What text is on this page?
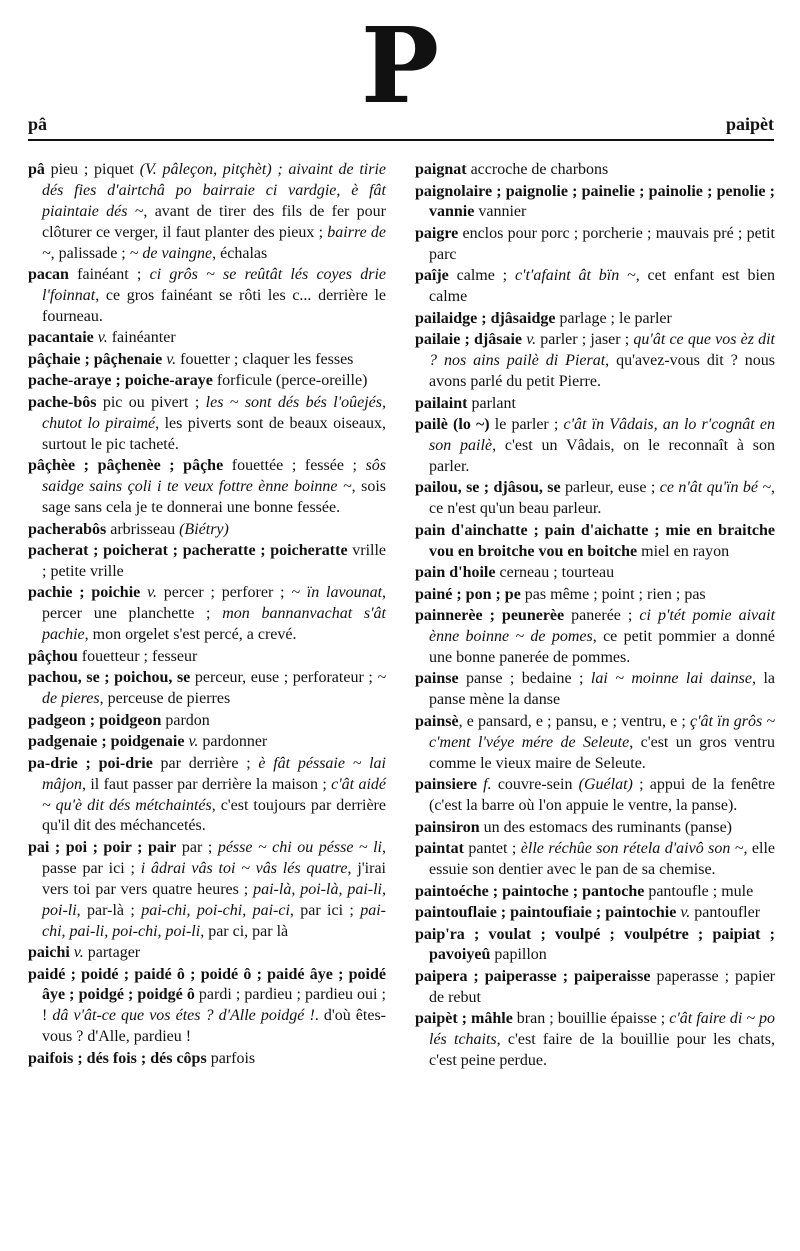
P
pâ	paipèt

pâ pieu ; piquet (V. pâleçon, pitçhèt) ; aivaint de tirie dés fies d'airtchâ po bairraie ci vardgie, è fât piaintaie dés ~, avant de tirer des fils de fer pour clôturer ce verger, il faut planter des pieux ; bairre de ~, palissade ; ~ de vaingne, échalas

pacan fainéant ; ci grôs ~ se reûtât lés coyes drie l'foinnat, ce gros fainéant se rôti les c... derrière le fourneau.

pacantaie v. fainéanter

pâçhaie ; pâçhenaie v. fouetter ; claquer les fesses

pache-araye ; poiche-araye forficule (perce-oreille)

pache-bôs pic ou pivert ; les ~ sont dés bés l'oûejés, chutot lo piraimé, les piverts sont de beaux oiseaux, surtout le pic tacheté.

pâçhèe ; pâçhenèe ; pâçhe fouettée ; fessée ; sôs saidge sains çoli i te veux fottre ènne boinne ~, sois sage sans cela je te donnerai une bonne fessée.

pacherabôs arbrisseau (Biétry)

pacherat ; poicherat ; pacheratte ; poicheratte vrille ; petite vrille

pachie ; poichie v. percer ; perforer ; ~ ïn lavounat, percer une planchette ; mon bannanvachat s'ât pachie, mon orgelet s'est percé, a crevé.

pâçhou fouetteur ; fesseur

pachou, se ; poichou, se perceur, euse ; perforateur ; ~ de pieres, perceuse de pierres

padgeon ; poidgeon pardon

padgenaie ; poidgenaie v. pardonner

pa-drie ; poi-drie par derrière ; è fât péssaie ~ lai mâjon, il faut passer par derrière la maison ; c'ât aidé ~ qu'è dit dés métchaintés, c'est toujours par derrière qu'il dit des méchancetés.

pai ; poi ; poir ; pair par ; pésse ~ chi ou pésse ~ li, passe par ici ; i âdrai vâs toi ~ vâs lés quatre, j'irai vers toi par vers quatre heures ; pai-là, poi-là, pai-li, poi-li, par-là ; pai-chi, poi-chi, pai-ci, par ici ; pai-chi, pai-li, poi-chi, poi-li, par ci, par là

paichi v. partager

paidé ; poidé ; paidé ô ; poidé ô ; paidé âye ; poidé âye ; poidgé ; poidgé ô pardi ; pardieu ; pardieu oui ; ! dâ v'ât-ce que vos étes ? d'Alle poidgé !. d'où êtes-vous ? d'Alle, pardieu !

paifois ; dés fois ; dés côps parfois

paignat accroche de charbons

paignolaire ; paignolie ; painelie ; painolie ; penolie ; vannie vannier

paigre enclos pour porc ; porcherie ; mauvais pré ; petit parc

paîje calme ; c't'afaint ât bïn ~, cet enfant est bien calme

pailaidge ; djâsaidge parlage ; le parler

pailaie ; djâsaie v. parler ; jaser ; qu'ât ce que vos èz dit ? nos ains pailè di Pierat, qu'avez-vous dit ? nous avons parlé du petit Pierre.

pailaint parlant

pailè (lo ~) le parler ; c'ât ïn Vâdais, an lo r'cognât en son pailè, c'est un Vâdais, on le reconnaît à son parler.

pailou, se ; djâsou, se parleur, euse ; ce n'ât qu'ïn bé ~, ce n'est qu'un beau parleur.

pain d'ainchatte ; pain d'aichatte ; mie en braitche vou en broitche vou en boitche miel en rayon

pain d'hoile cerneau ; tourteau

painé ; pon ; pe pas même ; point ; rien ; pas

painnerèe ; peunerèe panerée ; ci p'tét pomie aivait ènne boinne ~ de pomes, ce petit pommier a donné une bonne panerée de pommes.

painse panse ; bedaine ; lai ~ moinne lai dainse, la panse mène la danse

painsè, e pansard, e ; pansu, e ; ventru, e ; ç'ât ïn grôs ~ c'ment l'véye mére de Seleute, c'est un gros ventru comme le vieux maire de Seleute.

painsiere f. couvre-sein (Guélat) ; appui de la fenêtre (c'est la barre où l'on appuie le ventre, la panse).

painsiron un des estomacs des ruminants (panse)

paintat pantet ; èlle réchûe son rétela d'aivô son ~, elle essuie son dentier avec le pan de sa chemise.

paintoéche ; paintoche ; pantoche pantoufle ; mule

paintouflaie ; paintoufiaie ; paintochie v. pantoufler

paip'ra ; voulat ; voulpé ; voulpétre ; paipiat ; pavoiyeû papillon

paipera ; paiperasse ; paiperaisse paperasse ; papier de rebut

paipèt ; mâhle bran ; bouillie épaisse ; c'ât faire di ~ po lés tchaits, c'est faire de la bouillie pour les chats, c'est peine perdue.
